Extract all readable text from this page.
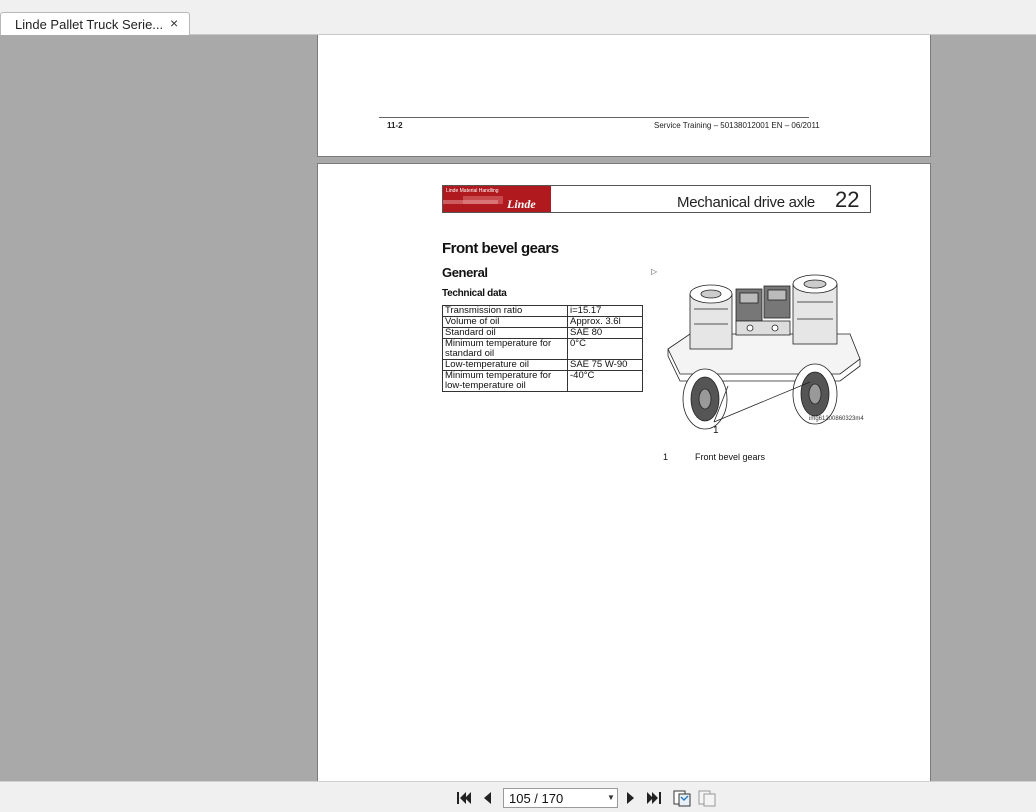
Linde Pallet Truck Serie... ×
11-2	Service Training – 50138012001 EN – 06/2011
Linde Material Handling
Linde	Mechanical drive axle 22
Front bevel gears
General
Technical data
▷
Transmission ratio	i=15.17
Volume of oil	Approx. 3.6l
Standard oil	SAE 80
Minimum temperature for standard oil	0°C
Low-temperature oil	SAE 75 W-90
Minimum temperature for low-temperature oil	-40°C
img61200860323m4
1
1	Front bevel gears
105 / 170	▼
